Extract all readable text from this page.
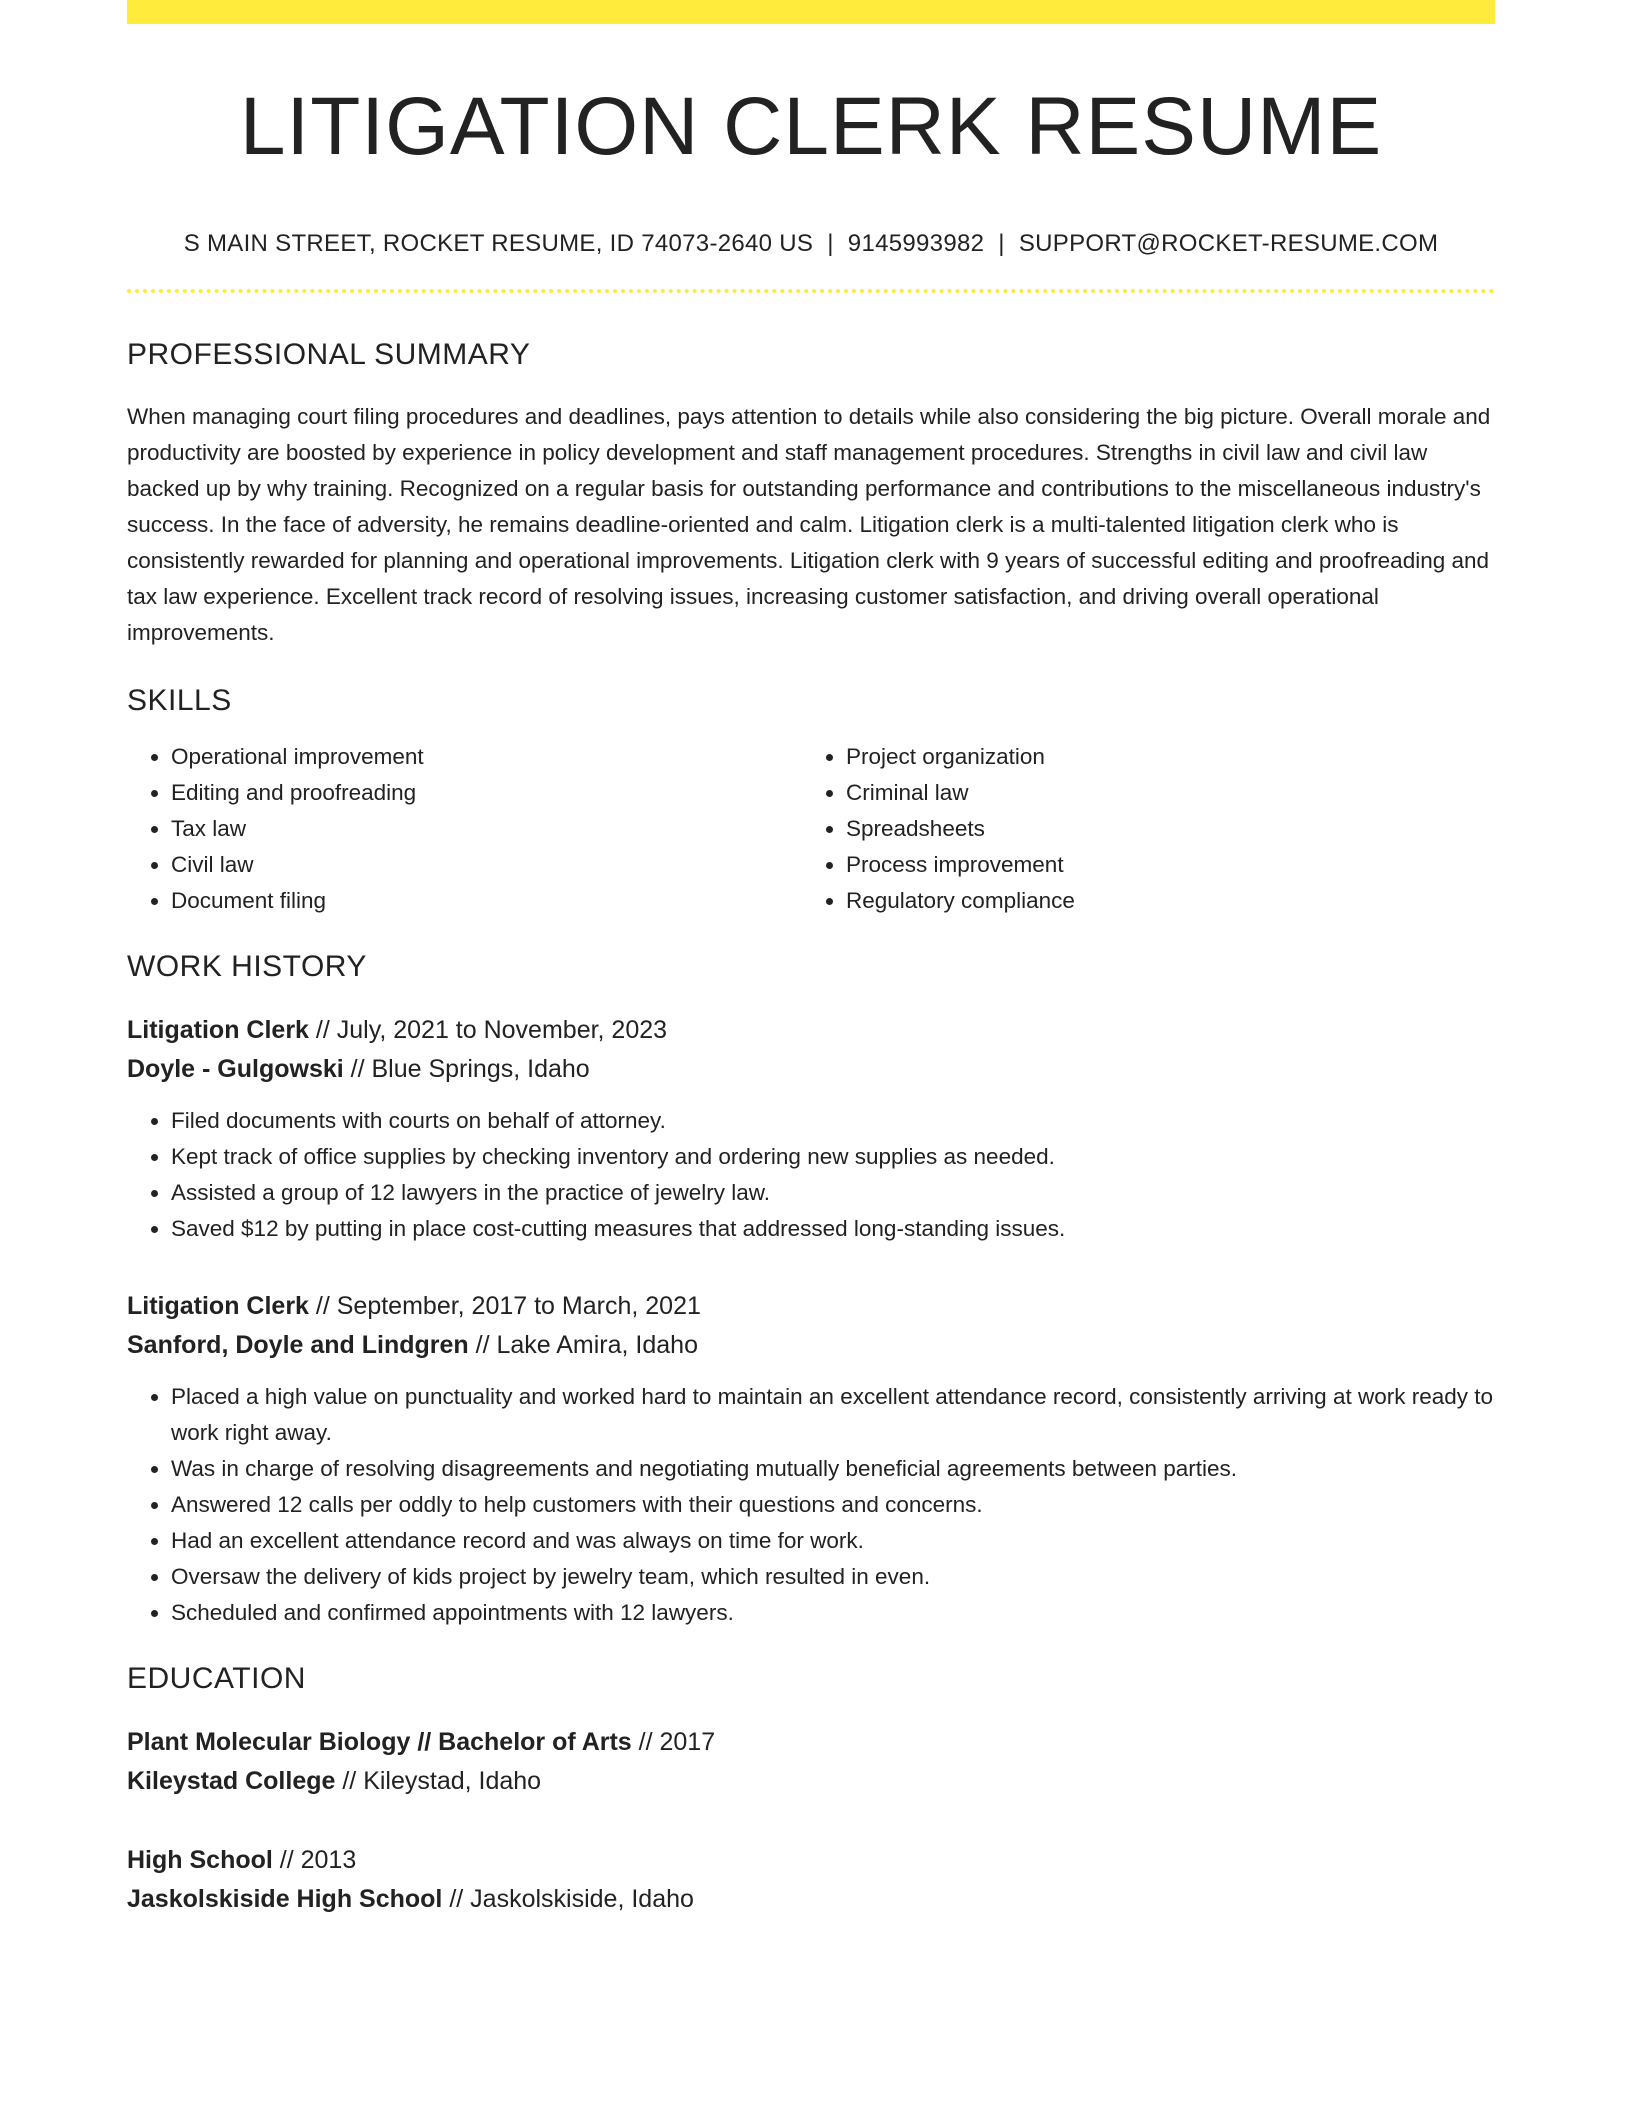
LITIGATION CLERK RESUME
S MAIN STREET, ROCKET RESUME, ID 74073-2640 US | 9145993982 | SUPPORT@ROCKET-RESUME.COM
PROFESSIONAL SUMMARY

When managing court filing procedures and deadlines, pays attention to details while also considering the big picture. Overall morale and productivity are boosted by experience in policy development and staff management procedures. Strengths in civil law and civil law backed up by why training. Recognized on a regular basis for outstanding performance and contributions to the miscellaneous industry's success. In the face of adversity, he remains deadline-oriented and calm. Litigation clerk is a multi-talented litigation clerk who is consistently rewarded for planning and operational improvements. Litigation clerk with 9 years of successful editing and proofreading and tax law experience. Excellent track record of resolving issues, increasing customer satisfaction, and driving overall operational improvements.

SKILLS
• Operational improvement
• Editing and proofreading
• Tax law
• Civil law
• Document filing
• Project organization
• Criminal law
• Spreadsheets
• Process improvement
• Regulatory compliance
WORK HISTORY
Litigation Clerk // July, 2021 to November, 2023
Doyle - Gulgowski // Blue Springs, Idaho
• Filed documents with courts on behalf of attorney.
• Kept track of office supplies by checking inventory and ordering new supplies as needed.
• Assisted a group of 12 lawyers in the practice of jewelry law.
• Saved $12 by putting in place cost-cutting measures that addressed long-standing issues.
Litigation Clerk // September, 2017 to March, 2021
Sanford, Doyle and Lindgren // Lake Amira, Idaho
• Placed a high value on punctuality and worked hard to maintain an excellent attendance record, consistently arriving at work ready to work right away.
• Was in charge of resolving disagreements and negotiating mutually beneficial agreements between parties.
• Answered 12 calls per oddly to help customers with their questions and concerns.
• Had an excellent attendance record and was always on time for work.
• Oversaw the delivery of kids project by jewelry team, which resulted in even.
• Scheduled and confirmed appointments with 12 lawyers.
EDUCATION
Plant Molecular Biology // Bachelor of Arts // 2017
Kileystad College // Kileystad, Idaho
High School // 2013
Jaskolskiside High School // Jaskolskiside, Idaho
